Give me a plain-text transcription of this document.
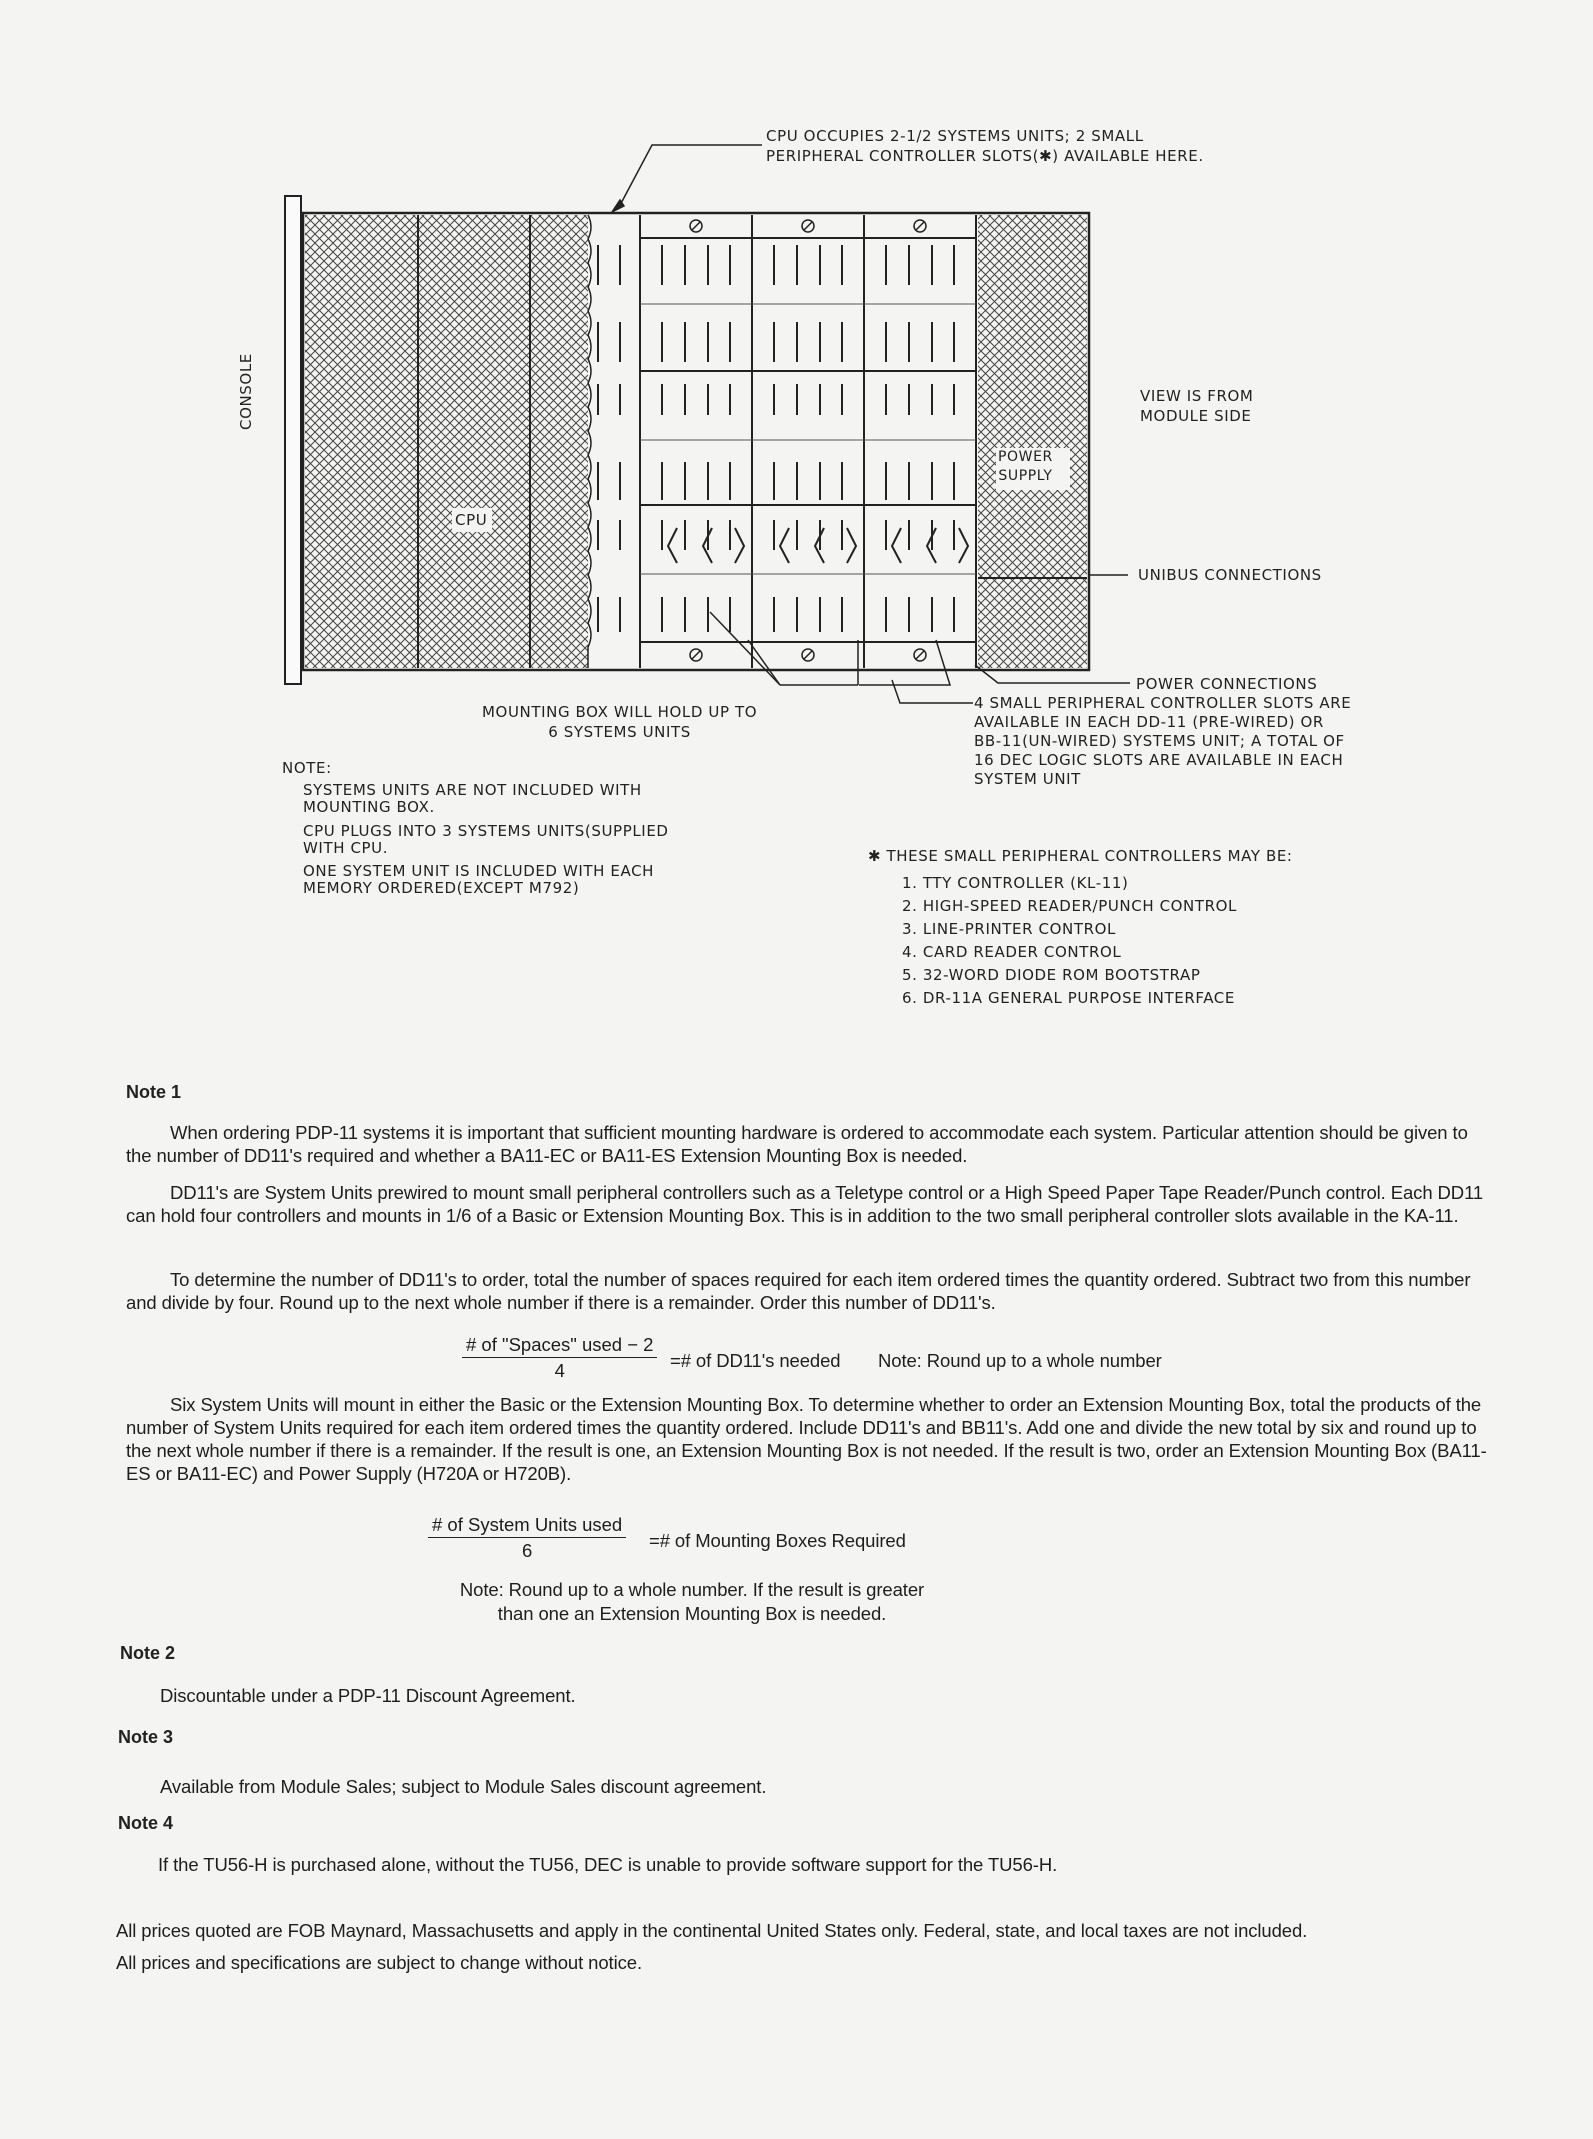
CPU OCCUPIES 2-1/2 SYSTEMS UNITS; 2 SMALL
PERIPHERAL CONTROLLER SLOTS(✱) AVAILABLE HERE.
CONSOLE
CPU
POWER
SUPPLY
VIEW IS FROM
MODULE SIDE
UNIBUS CONNECTIONS
POWER CONNECTIONS
4 SMALL PERIPHERAL CONTROLLER SLOTS ARE
AVAILABLE IN EACH DD-11 (PRE-WIRED) OR
BB-11(UN-WIRED) SYSTEMS UNIT; A TOTAL OF
16 DEC LOGIC SLOTS ARE AVAILABLE IN EACH
SYSTEM UNIT
MOUNTING BOX WILL HOLD UP TO
6 SYSTEMS UNITS
NOTE:
SYSTEMS UNITS ARE NOT INCLUDED WITH
MOUNTING BOX.
CPU PLUGS INTO 3 SYSTEMS UNITS(SUPPLIED
WITH CPU.
ONE SYSTEM UNIT IS INCLUDED WITH EACH
MEMORY ORDERED(EXCEPT M792)
✱ THESE SMALL PERIPHERAL CONTROLLERS MAY BE:
1. TTY CONTROLLER (KL-11)
2. HIGH-SPEED READER/PUNCH CONTROL
3. LINE-PRINTER CONTROL
4. CARD READER CONTROL
5. 32-WORD DIODE ROM BOOTSTRAP
6. DR-11A GENERAL PURPOSE INTERFACE
Note 1
When ordering PDP-11 systems it is important that sufficient mounting hardware is ordered to accommodate each system. Particular attention should be given to the number of DD11's required and whether a BA11-EC or BA11-ES Extension Mounting Box is needed.
DD11's are System Units prewired to mount small peripheral controllers such as a Teletype control or a High Speed Paper Tape Reader/Punch control. Each DD11 can hold four controllers and mounts in 1/6 of a Basic or Extension Mounting Box. This is in addition to the two small peripheral controller slots available in the KA-11.
To determine the number of DD11's to order, total the number of spaces required for each item ordered times the quantity ordered. Subtract two from this number and divide by four. Round up to the next whole number if there is a remainder. Order this number of DD11's.
# of "Spaces" used − 2
4	=# of DD11's needed Note: Round up to a whole number
Six System Units will mount in either the Basic or the Extension Mounting Box. To determine whether to order an Extension Mounting Box, total the products of the number of System Units required for each item ordered times the quantity ordered. Include DD11's and BB11's. Add one and divide the new total by six and round up to the next whole number if there is a remainder. If the result is one, an Extension Mounting Box is not needed. If the result is two, order an Extension Mounting Box (BA11-ES or BA11-EC) and Power Supply (H720A or H720B).
# of System Units used
6	=# of Mounting Boxes Required
Note: Round up to a whole number. If the result is greater
than one an Extension Mounting Box is needed.
Note 2
Discountable under a PDP-11 Discount Agreement.
Note 3
Available from Module Sales; subject to Module Sales discount agreement.
Note 4
If the TU56-H is purchased alone, without the TU56, DEC is unable to provide software support for the TU56-H.
All prices quoted are FOB Maynard, Massachusetts and apply in the continental United States only. Federal, state, and local taxes are not included.
All prices and specifications are subject to change without notice.
